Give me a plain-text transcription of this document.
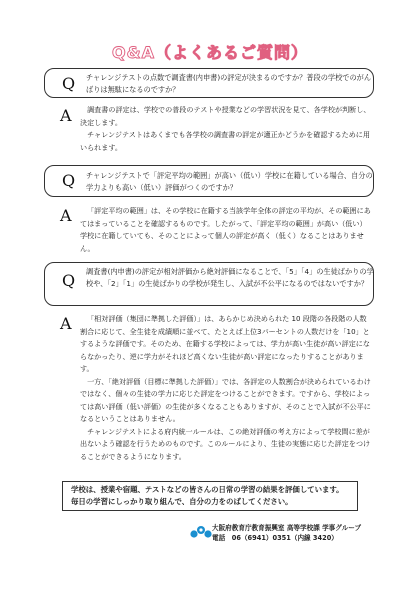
Q&A（よくあるご質問）
Q チャレンジテストの点数で調査書(内申書)の評定が決まるのですか？普段の学校でのがんばりは無駄になるのですか？
A	調査書の評定は、学校での普段のテストや授業などの学習状況を見て、各学校が判断し、決定します。

チャレンジテストはあくまでも各学校の調査書の評定が適正かどうかを確認するために用いられます。

Q チャレンジテストで「評定平均の範囲」が高い（低い）学校に在籍している場合、自分の学力よりも高い（低い）評価がつくのですか？
A	「評定平均の範囲」は、その学校に在籍する当該学年全体の評定の平均が、その範囲にあてはまっていることを確認するものです。したがって、「評定平均の範囲」が高い（低い）学校に在籍していても、そのことによって個人の評定が高く（低く）なることはありません。

Q 調査書(内申書)の評定が相対評価から絶対評価になることで、「5」「4」の生徒ばかりの学校や、「2」「1」の生徒ばかりの学校が発生し、入試が不公平になるのではないですか？
A	「相対評価（集団に準拠した評価）」は、あらかじめ決められた 10 段階の各段階の人数割合に応じて、全生徒を成績順に並べて、たとえば上位3パーセントの人数だけを「10」とするような評価です。そのため、在籍する学校によっては、学力が高い生徒が高い評定にならなかったり、逆に学力がそれほど高くない生徒が高い評定になったりすることがあります。

一方、「絶対評価（目標に準拠した評価）」では、各評定の人数割合が決められているわけではなく、個々の生徒の学力に応じた評定をつけることができます。ですから、学校によっては高い評価（低い評価）の生徒が多くなることもありますが、そのことで入試が不公平になるということはありません。

チャレンジテストによる府内統一ルールは、この絶対評価の考え方によって学校間に差が出ないよう確認を行うためのものです。このルールにより、生徒の実態に応じた評定をつけることができるようになります。

学校は、授業や宿題、テストなどの皆さんの日常の学習の結果を評価しています。
毎日の学習にしっかり取り組んで、自分の力をのばしてください。
大阪府教育庁教育振興室 高等学校課 学事グループ
電話　06（6941）0351（内線 3420）
